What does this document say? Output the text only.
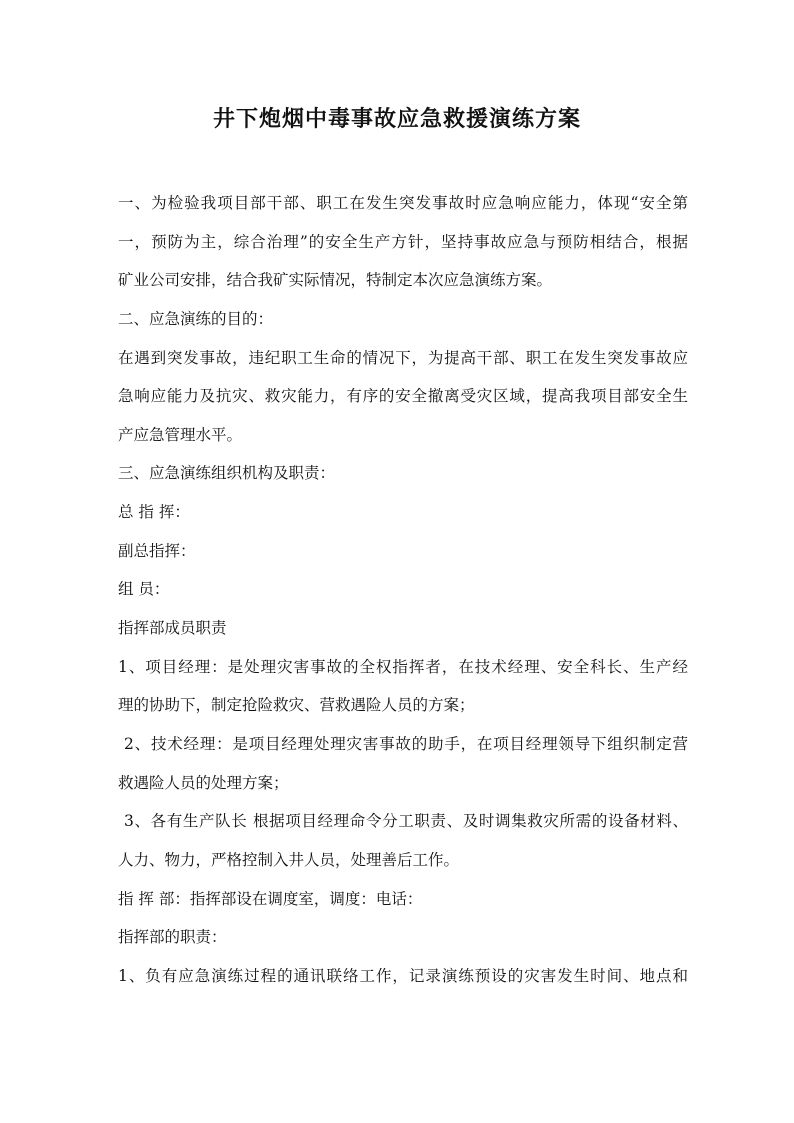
井下炮烟中毒事故应急救援演练方案
一、为检验我项目部干部、职工在发生突发事故时应急响应能力，体现“安全第
一，预防为主，综合治理”的安全生产方针，坚持事故应急与预防相结合，根据
矿业公司安排，结合我矿实际情况，特制定本次应急演练方案。
二、应急演练的目的：
在遇到突发事故，违纪职工生命的情况下，为提高干部、职工在发生突发事故应
急响应能力及抗灾、救灾能力，有序的安全撤离受灾区域，提高我项目部安全生
产应急管理水平。
三、应急演练组织机构及职责：
总 指 挥：
副总指挥：
组 员：
指挥部成员职责
1、项目经理：是处理灾害事故的全权指挥者，在技术经理、安全科长、生产经
理的协助下，制定抢险救灾、营救遇险人员的方案；
2、技术经理：是项目经理处理灾害事故的助手，在项目经理领导下组织制定营
救遇险人员的处理方案；
3、各有生产队长 根据项目经理命令分工职责、及时调集救灾所需的设备材料、
人力、物力，严格控制入井人员，处理善后工作。
指 挥 部：指挥部设在调度室，调度：电话：
指挥部的职责：
1、负有应急演练过程的通讯联络工作，记录演练预设的灾害发生时间、地点和
